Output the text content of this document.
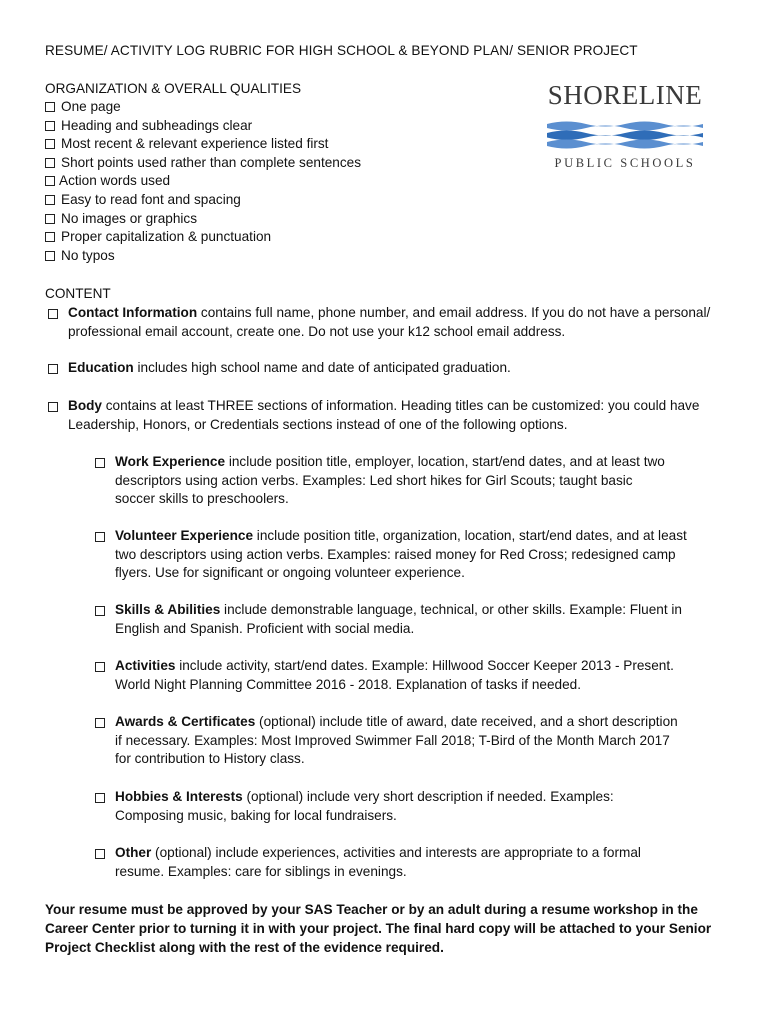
RESUME/ ACTIVITY LOG RUBRIC FOR HIGH SCHOOL & BEYOND PLAN/ SENIOR PROJECT
SHORELINE
PUBLIC SCHOOLS
ORGANIZATION & OVERALL QUALITIES
One page
Heading and subheadings clear
Most recent & relevant experience listed first
Short points used rather than complete sentences
Action words used
Easy to read font and spacing
No images or graphics
Proper capitalization & punctuation
No typos
CONTENT
Contact Information contains full name, phone number, and email address. If you do not have a personal/ professional email account, create one. Do not use your k12 school email address.
Education includes high school name and date of anticipated graduation.
Body contains at least THREE sections of information. Heading titles can be customized: you could have Leadership, Honors, or Credentials sections instead of one of the following options.
Work Experience include position title, employer, location, start/end dates, and at least two descriptors using action verbs. Examples: Led short hikes for Girl Scouts; taught basic soccer skills to preschoolers.
Volunteer Experience include position title, organization, location, start/end dates, and at least two descriptors using action verbs. Examples: raised money for Red Cross; redesigned camp flyers. Use for significant or ongoing volunteer experience.
Skills & Abilities include demonstrable language, technical, or other skills. Example: Fluent in English and Spanish. Proficient with social media.
Activities include activity, start/end dates. Example: Hillwood Soccer Keeper 2013 - Present. World Night Planning Committee 2016 - 2018. Explanation of tasks if needed.
Awards & Certificates (optional) include title of award, date received, and a short description if necessary. Examples: Most Improved Swimmer Fall 2018; T-Bird of the Month March 2017 for contribution to History class.
Hobbies & Interests (optional) include very short description if needed. Examples: Composing music, baking for local fundraisers.
Other (optional) include experiences, activities and interests are appropriate to a formal resume. Examples: care for siblings in evenings.
Your resume must be approved by your SAS Teacher or by an adult during a resume workshop in the Career Center prior to turning it in with your project. The final hard copy will be attached to your Senior Project Checklist along with the rest of the evidence required.
